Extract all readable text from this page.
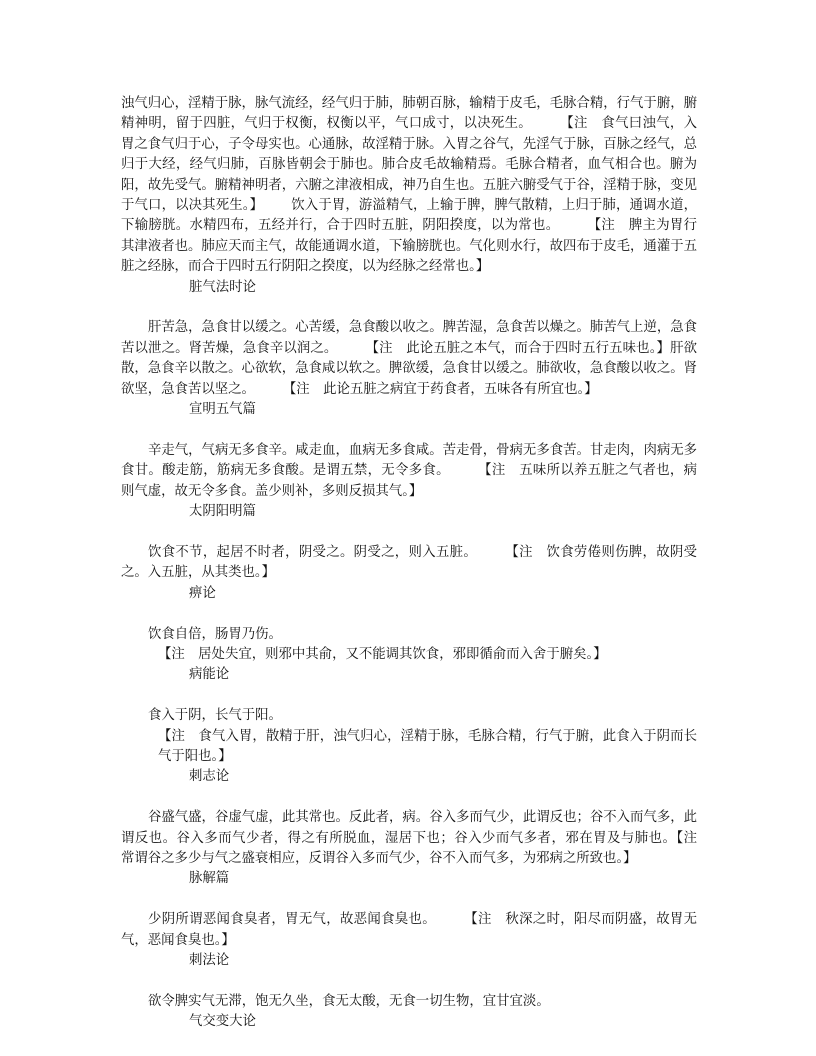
浊气归心，淫精于脉，脉气流经，经气归于肺，肺朝百脉，输精于皮毛，毛脉合精，行气于腑，腑精神明，留于四脏，气归于权衡，权衡以平，气口成寸，以决死生。 【注　食气曰浊气，入胃之食气归于心，子令母实也。心通脉，故淫精于脉。入胃之谷气，先淫气于脉，百脉之经气，总归于大经，经气归肺，百脉皆朝会于肺也。肺合皮毛故输精焉。毛脉合精者，血气相合也。腑为阳，故先受气。腑精神明者，六腑之津液相成，神乃自生也。五脏六腑受气于谷，淫精于脉，变见于气口，以决其死生。】 饮入于胃，游溢精气，上输于脾，脾气散精，上归于肺，通调水道，下输膀胱。水精四布，五经并行，合于四时五脏，阴阳揆度，以为常也。 【注　脾主为胃行其津液者也。肺应天而主气，故能通调水道，下输膀胱也。气化则水行，故四布于皮毛，通灌于五脏之经脉，而合于四时五行阴阳之揆度，以为经脉之经常也。】

脏气法时论

肝苦急，急食甘以缓之。心苦缓，急食酸以收之。脾苦湿，急食苦以燥之。肺苦气上逆，急食苦以泄之。肾苦燥，急食辛以润之。 【注　此论五脏之本气，而合于四时五行五味也。】肝欲散，急食辛以散之。心欲软，急食咸以软之。脾欲缓，急食甘以缓之。肺欲收，急食酸以收之。肾欲坚，急食苦以坚之。 【注　此论五脏之病宜于药食者，五味各有所宜也。】

宣明五气篇

辛走气，气病无多食辛。咸走血，血病无多食咸。苦走骨，骨病无多食苦。甘走肉，肉病无多食甘。酸走筋，筋病无多食酸。是谓五禁，无令多食。 【注　五味所以养五脏之气者也，病则气虚，故无令多食。盖少则补，多则反损其气。】

太阴阳明篇

饮食不节，起居不时者，阴受之。阴受之，则入五脏。 【注　饮食劳倦则伤脾，故阴受之。入五脏，从其类也。】

痹论

饮食自倍，肠胃乃伤。

【注　居处失宜，则邪中其俞，又不能调其饮食，邪即循俞而入舍于腑矣。】

病能论

食入于阴，长气于阳。

【注　食气入胃，散精于肝，浊气归心，淫精于脉，毛脉合精，行气于腑，此食入于阴而长气于阳也。】

刺志论

谷盛气盛，谷虚气虚，此其常也。反此者，病。谷入多而气少，此谓反也；谷不入而气多，此谓反也。谷入多而气少者，得之有所脱血，湿居下也；谷入少而气多者，邪在胃及与肺也。【注　常谓谷之多少与气之盛衰相应，反谓谷入多而气少，谷不入而气多，为邪病之所致也。】

脉解篇

少阴所谓恶闻食臭者，胃无气，故恶闻食臭也。 【注　秋深之时，阳尽而阴盛，故胃无气，恶闻食臭也。】

刺法论

欲令脾实气无滞，饱无久坐，食无太酸，无食一切生物，宜甘宜淡。

气交变大论
